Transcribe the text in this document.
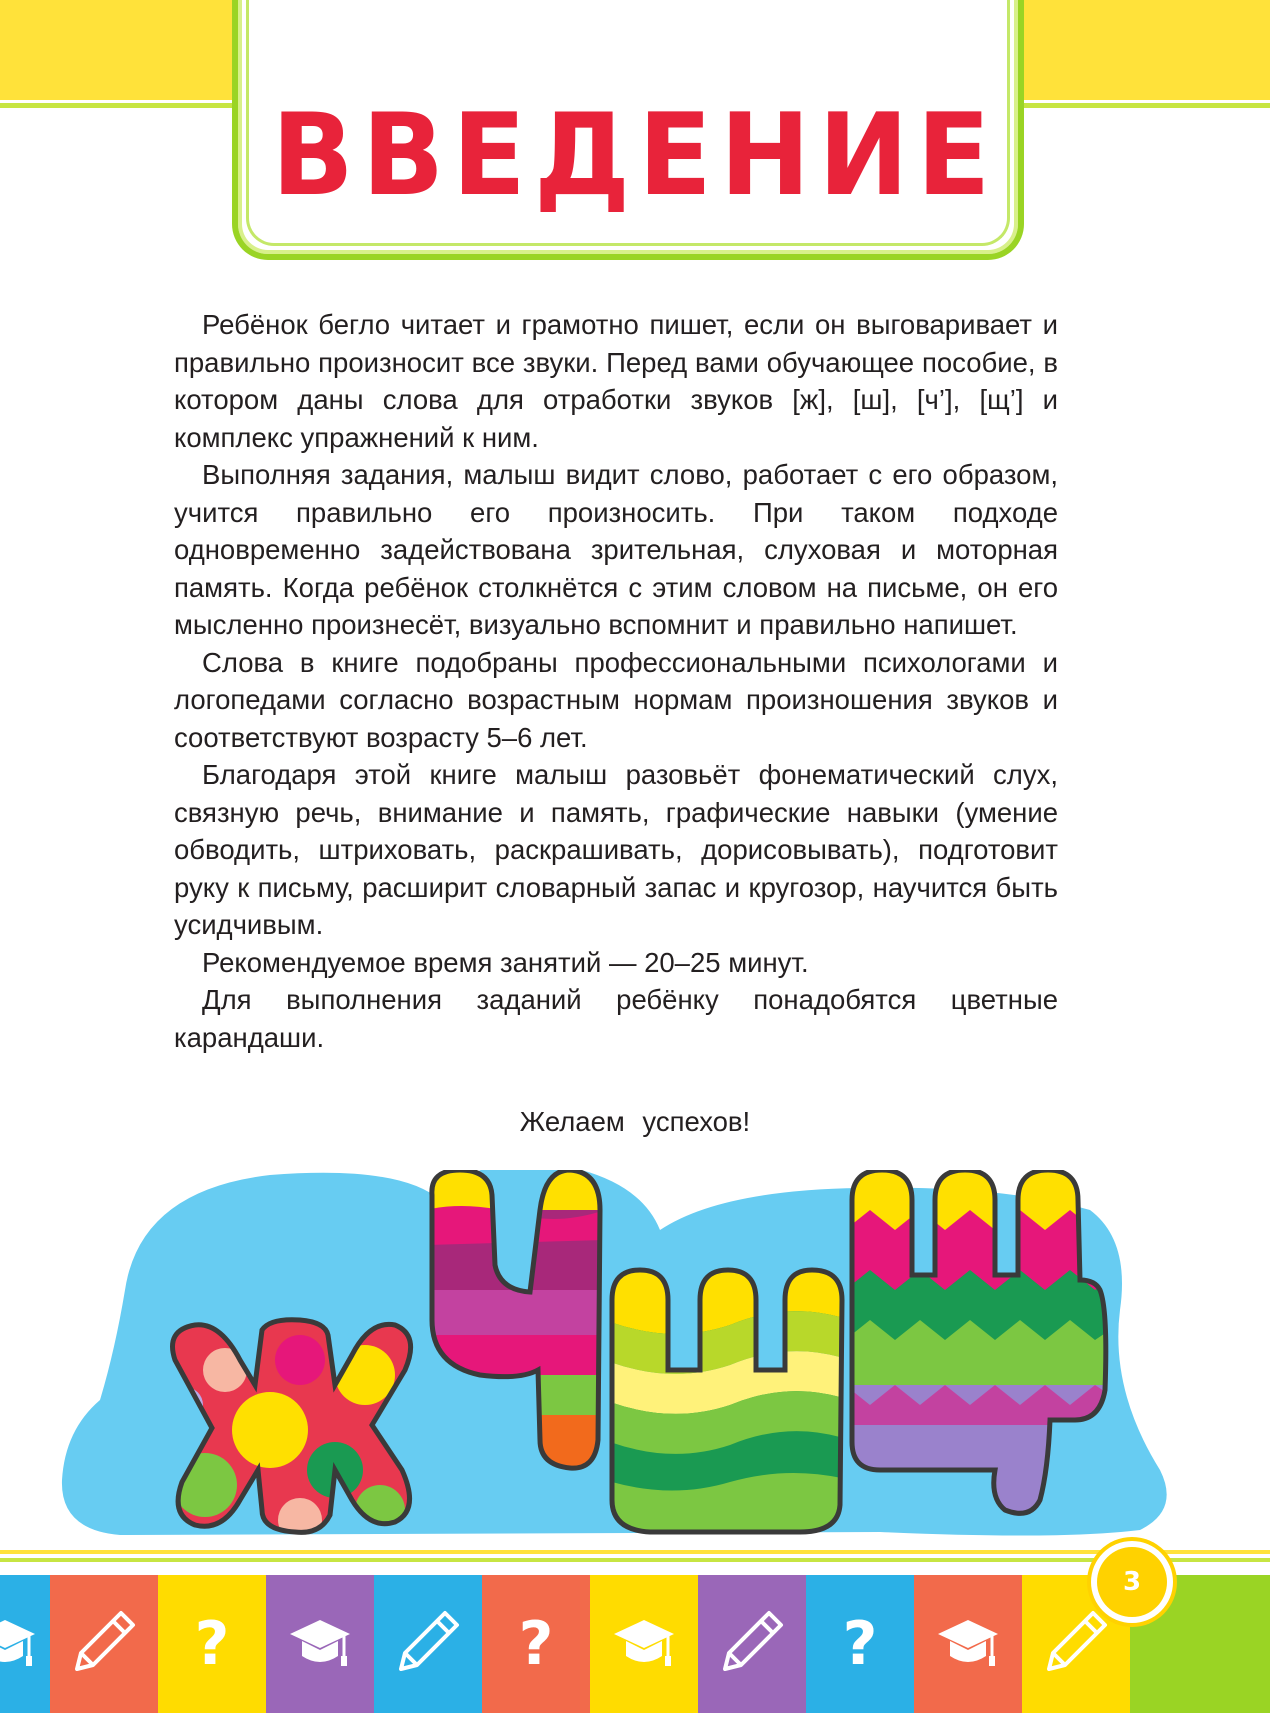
ВВЕДЕНИЕ

Ребёнок бегло читает и грамотно пишет, если он выговаривает и правильно произносит все звуки. Перед вами обучающее пособие, в котором даны слова для отработки звуков [ж], [ш], [ч’], [щ’] и комплекс упражнений к ним.

Выполняя задания, малыш видит слово, работает с его образом, учится правильно его произносить. При таком подходе одновременно задействована зрительная, слуховая и моторная память. Когда ребёнок столкнётся с этим словом на письме, он его мысленно произнесёт, визуально вспомнит и правильно напишет.

Слова в книге подобраны профессиональными психологами и логопедами согласно возрастным нормам произношения звуков и соответствуют возрасту 5–6 лет.

Благодаря этой книге малыш разовьёт фонематический слух, связную речь, внимание и память, графические навыки (умение обводить, штриховать, раскрашивать, дорисовывать), подготовит руку к письму, расширит словарный запас и кругозор, научится быть усидчивым.

Рекомендуемое время занятий — 20–25 минут.

Для выполнения заданий ребёнку понадобятся цветные карандаши.

Желаем успехов!
?	?	?
3
